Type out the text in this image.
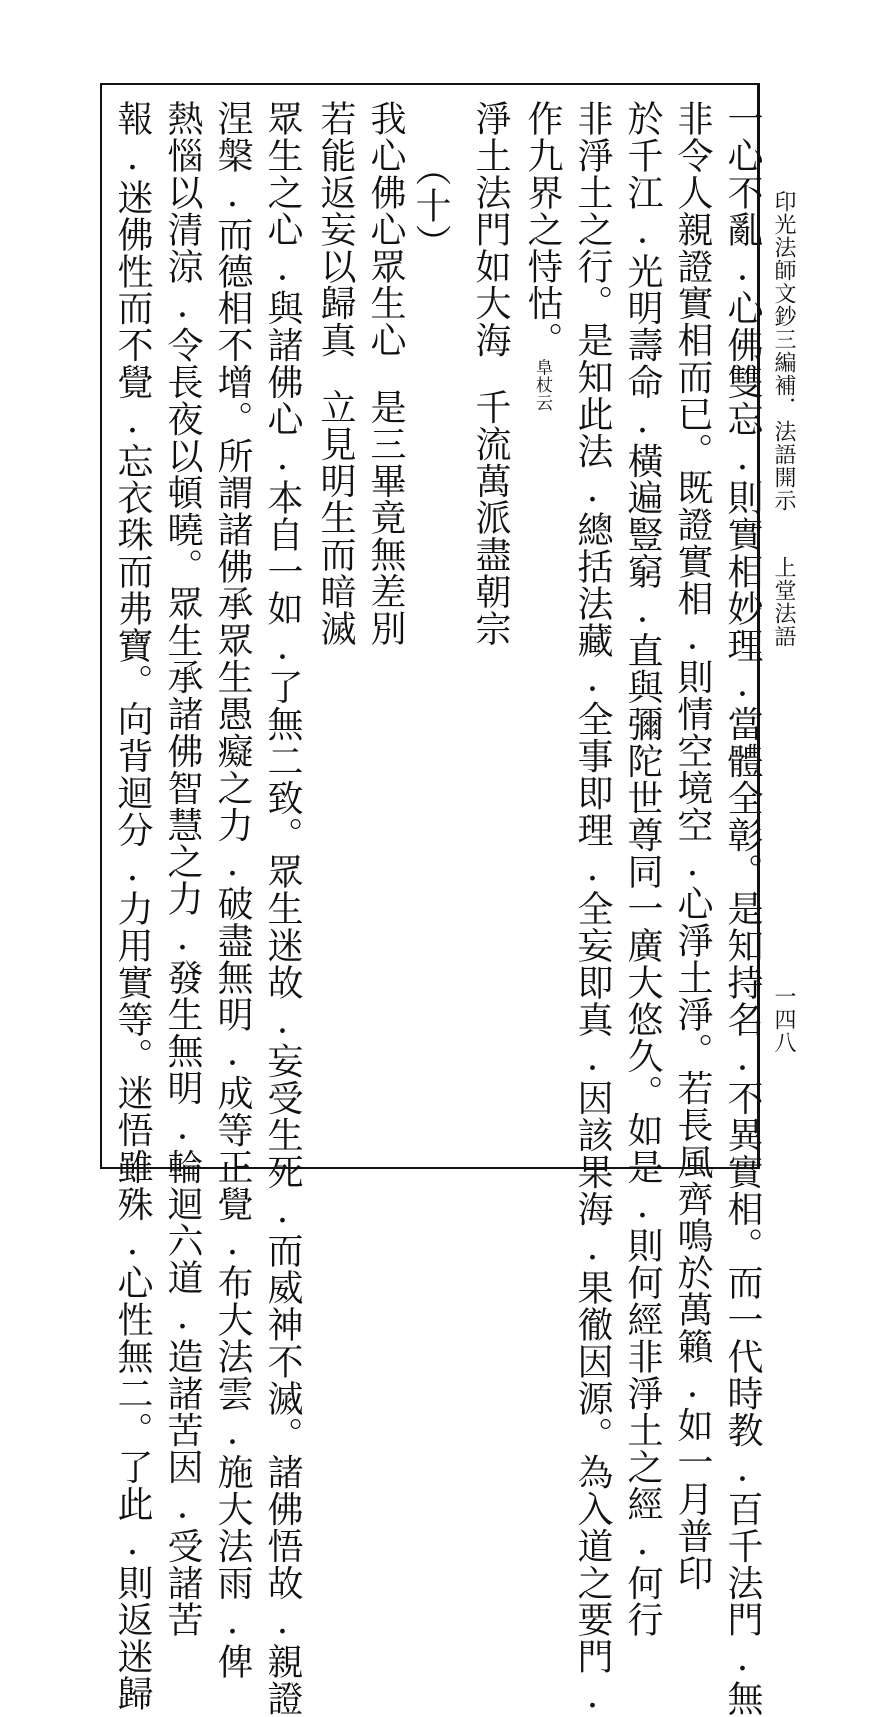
印光法師文鈔三編補．法語開示上堂法語
一四八
一心不亂.心佛雙忘.則實相妙理.當體全彰。是知持名.不異實相。而一代時教.百千法門.無
非令人親證實相而已。既證實相.則情空境空.心淨土淨。若長風齊鳴於萬籟.如一月普印
於千江.光明壽命.橫遍豎窮.直與彌陀世尊同一廣大悠久。如是.則何經非淨土之經.何行
非淨土之行。是知此法.總括法藏.全事即理.全妄即真.因該果海.果徹因源。為入道之要門.
作九界之恃怙。阜杖云
淨土法門如大海千流萬派盡朝宗
（十）
我心佛心眾生心是三畢竟無差別
若能返妄以歸真立見明生而暗滅
眾生之心.與諸佛心.本自一如.了無二致。眾生迷故.妄受生死.而威神不滅。諸佛悟故.親證
涅槃.而德相不增。所謂諸佛承眾生愚癡之力.破盡無明.成等正覺.布大法雲.施大法雨.俾
熱惱以清涼.令長夜以頓曉。眾生承諸佛智慧之力.發生無明.輪迴六道.造諸苦因.受諸苦
報.迷佛性而不覺.忘衣珠而弗寶。向背迴分.力用實等。迷悟雖殊.心性無二。了此.則返迷歸
